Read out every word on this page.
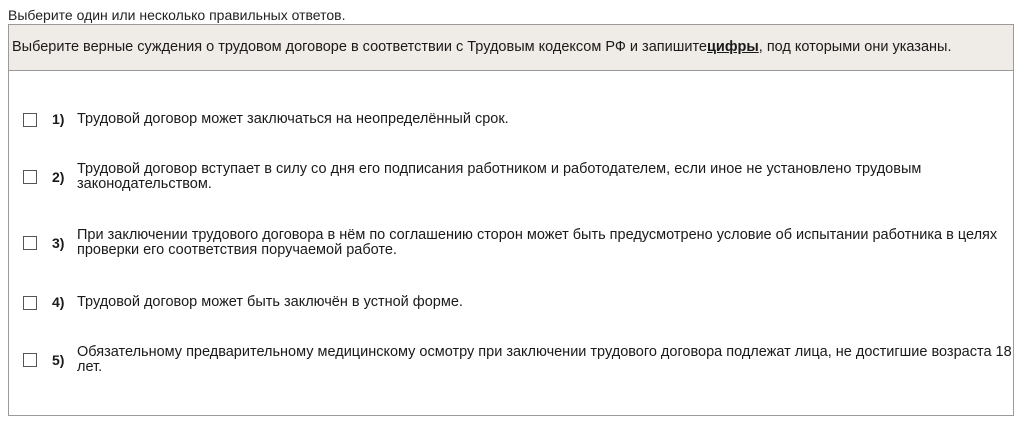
Выберите один или несколько правильных ответов.
Выберите верные суждения о трудовом договоре в соответствии с Трудовым кодексом РФ и запишитецифры, под которыми они указаны.
1) Трудовой договор может заключаться на неопределённый срок.
2) Трудовой договор вступает в силу со дня его подписания работником и работодателем, если иное не установлено трудовым законодательством.
3) При заключении трудового договора в нём по соглашению сторон может быть предусмотрено условие об испытании работника в целях проверки его соответствия поручаемой работе.
4) Трудовой договор может быть заключён в устной форме.
5) Обязательному предварительному медицинскому осмотру при заключении трудового договора подлежат лица, не достигшие возраста 18 лет.
